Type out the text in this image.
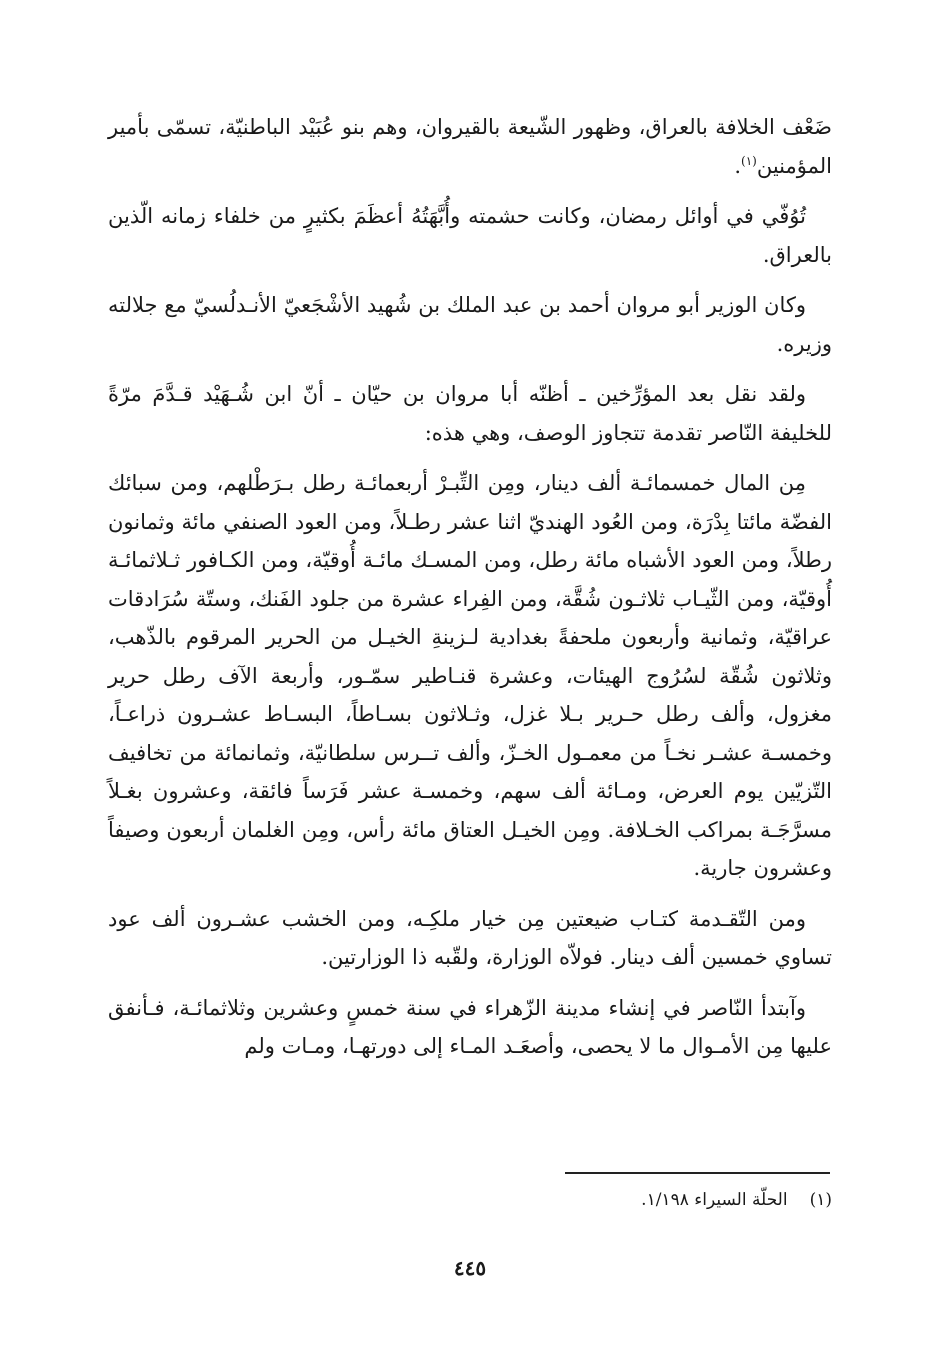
ضَعْف الخلافة بالعراق، وظهور الشّيعة بالقيروان، وهم بنو عُبَيْد الباطنيّة، تسمّى بأمير المؤمنين$^{(١)}$.

تُوُفّي في أوائل رمضان، وكانت حشمته وأُبَّهَتُهُ أعظَمَ بكثيرٍ من خلفاء زمانه الّذين بالعراق.

وكان الوزير أبو مروان أحمد بن عبد الملك بن شُهيد الأشْجَعيّ الأنـدلُسيّ مع جلالته وزيره.

ولقد نقل بعد المؤرِّخين ـ أظنّه أبا مروان بن حيّان ـ أنّ ابن شُـهَيْد قـدَّمَ مرّةً للخليفة النّاصر تقدمة تتجاوز الوصف، وهي هذه:

مِن المال خمسمائـة ألف دينار، ومِن التِّبـرْ أربعمائـة رطل بـرَطْلهم، ومن سبائك الفضّة مائتا بِدْرَة، ومن العُود الهنديّ اثنا عشر رطـلاً، ومن العود الصنفي مائة وثمانون رطلاً، ومن العود الأشباه مائة رطل، ومن المسـك مائـة أُوقيّة، ومن الكـافور ثـلاثمائـة أُوقيّة، ومن الثّيـاب ثلاثـون شُقَّة، ومن الفِراء عشرة من جلود الفَنك، وستّة سُرَادقات عراقيّة، وثمانية وأربعون ملحفةً بغدادية لـزينةِ الخيـل من الحرير المرقوم بالذّهب، وثلاثون شُقّة لسُرُوج الهيئات، وعشرة قنـاطير سمّـور، وأربعة الآف رطل حرير مغزول، وألف رطل حـرير بـلا غزل، وثـلاثون بسـاطاً، البسـاط عشـرون ذراعـاً، وخمسـة عشـر نخـاً من معمـول الخـزّ، وألف تــرس سلطانيّة، وثمانمائة من تخافيف التّزيّين يوم العرض، ومـائة ألف سهم، وخمسـة عشر فَرَساً فائقة، وعشرون بغـلاً مسرَّجَـة بمراكب الخـلافة. ومِن الخيـل العتاق مائة رأس، ومِن الغلمان أربعون وصيفاً وعشرون جارية.

ومن التّقـدمة كتـاب ضيعتين مِن خيار ملكِـه، ومن الخشب عشـرون ألف عود تساوي خمسين ألف دينار. فولاّه الوزارة، ولقّبه ذا الوزارتين.

وآبتدأ النّاصر في إنشاء مدينة الزّهراء في سنة خمسٍ وعشرين وثلاثمائـة، فـأنفق عليها مِن الأمـوال ما لا يحصى، وأصعَـد المـاء إلى دورتهـا، ومـات ولم

(١)الحلّة السيراء ١/١٩٨.

٤٤٥
